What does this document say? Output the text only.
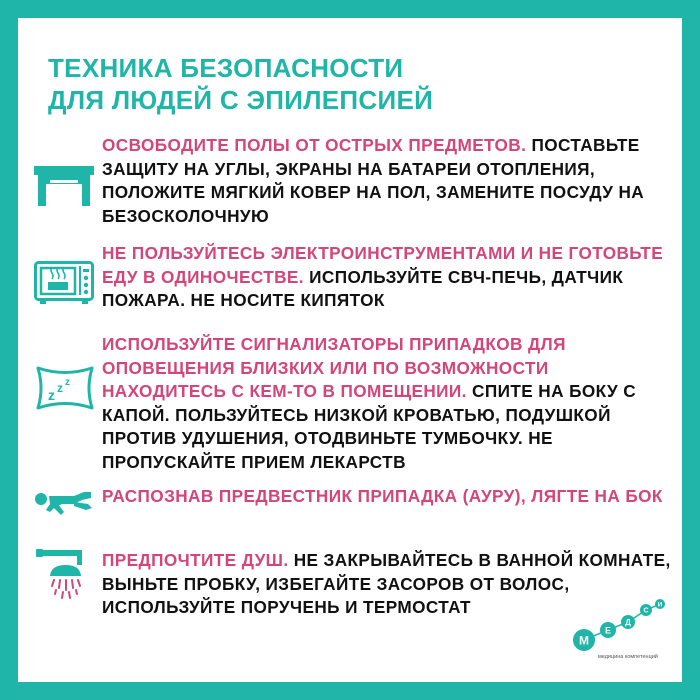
ТЕХНИКА БЕЗОПАСНОСТИ
ДЛЯ ЛЮДЕЙ С ЭПИЛЕПСИЕЙ
ОСВОБОДИТЕ ПОЛЫ ОТ ОСТРЫХ ПРЕДМЕТОВ. ПОСТАВЬТЕ ЗАЩИТУ НА УГЛЫ, ЭКРАНЫ НА БАТАРЕИ ОТОПЛЕНИЯ, ПОЛОЖИТЕ МЯГКИЙ КОВЕР НА ПОЛ, ЗАМЕНИТЕ ПОСУДУ НА БЕЗОСКОЛОЧНУЮ
НЕ ПОЛЬЗУЙТЕСЬ ЭЛЕКТРОИНСТРУМЕНТАМИ И НЕ ГОТОВЬТЕ ЕДУ В ОДИНОЧЕСТВЕ. ИСПОЛЬЗУЙТЕ СВЧ-ПЕЧЬ, ДАТЧИК ПОЖАРА. НЕ НОСИТЕ КИПЯТОК
z z z
ИСПОЛЬЗУЙТЕ СИГНАЛИЗАТОРЫ ПРИПАДКОВ ДЛЯ ОПОВЕЩЕНИЯ БЛИЗКИХ ИЛИ ПО ВОЗМОЖНОСТИ НАХОДИТЕСЬ С КЕМ-ТО В ПОМЕЩЕНИИ. СПИТЕ НА БОКУ С КАПОЙ. ПОЛЬЗУЙТЕСЬ НИЗКОЙ КРОВАТЬЮ, ПОДУШКОЙ ПРОТИВ УДУШЕНИЯ, ОТОДВИНЬТЕ ТУМБОЧКУ. НЕ ПРОПУСКАЙТЕ ПРИЕМ ЛЕКАРСТВ
РАСПОЗНАВ ПРЕДВЕСТНИК ПРИПАДКА (АУРУ), ЛЯГТЕ НА БОК
ПРЕДПОЧТИТЕ ДУШ. НЕ ЗАКРЫВАЙТЕСЬ В ВАННОЙ КОМНАТЕ, ВЫНЬТЕ ПРОБКУ, ИЗБЕГАЙТЕ ЗАСОРОВ ОТ ВОЛОС, ИСПОЛЬЗУЙТЕ ПОРУЧЕНЬ И ТЕРМОСТАТ
М
Е
Д
С
И
медицина компетенций
